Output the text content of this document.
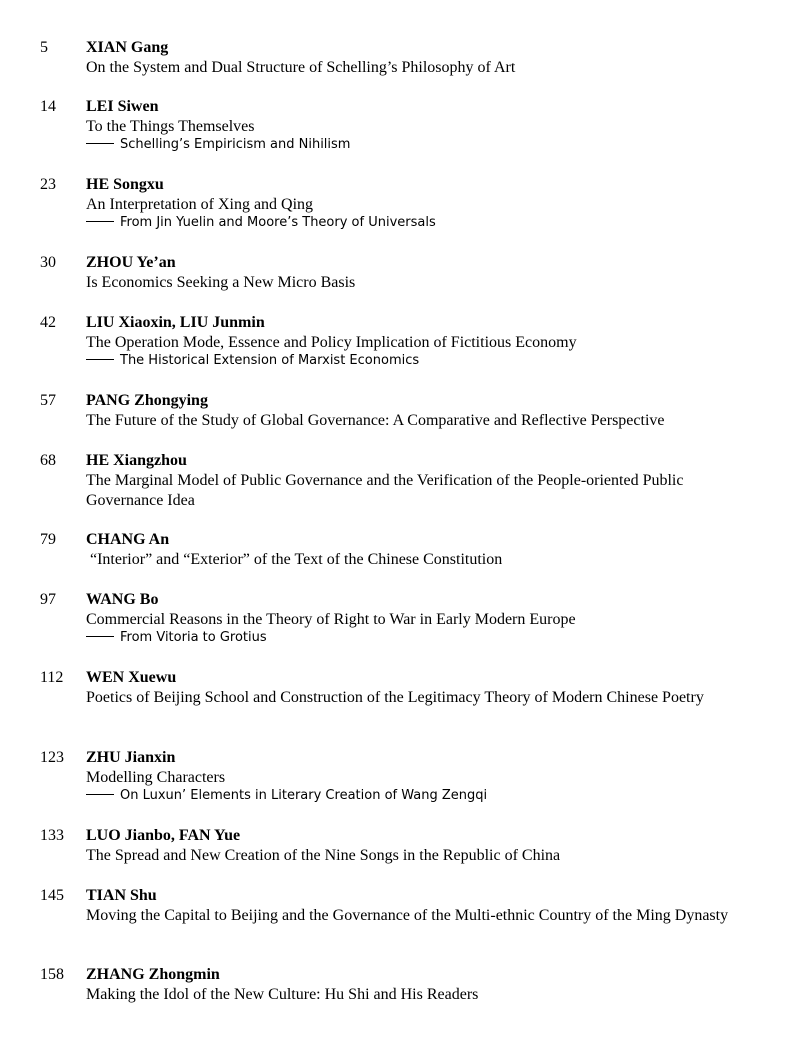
5 XIAN Gang
On the System and Dual Structure of Schelling’s Philosophy of Art
14 LEI Siwen
To the Things Themselves
Schelling’s Empiricism and Nihilism
23 HE Songxu
An Interpretation of Xing and Qing
From Jin Yuelin and Moore’s Theory of Universals
30 ZHOU Ye’an
Is Economics Seeking a New Micro Basis
42 LIU Xiaoxin, LIU Junmin
The Operation Mode, Essence and Policy Implication of Fictitious Economy
The Historical Extension of Marxist Economics
57 PANG Zhongying
The Future of the Study of Global Governance: A Comparative and Reflective Perspective
68 HE Xiangzhou
The Marginal Model of Public Governance and the Verification of the People-oriented Public Governance Idea
79 CHANG An
“Interior” and “Exterior” of the Text of the Chinese Constitution
97 WANG Bo
Commercial Reasons in the Theory of Right to War in Early Modern Europe
From Vitoria to Grotius
112 WEN Xuewu
Poetics of Beijing School and Construction of the Legitimacy Theory of Modern Chinese Poetry
123 ZHU Jianxin
Modelling Characters
On Luxun’ Elements in Literary Creation of Wang Zengqi
133 LUO Jianbo, FAN Yue
The Spread and New Creation of the Nine Songs in the Republic of China
145 TIAN Shu
Moving the Capital to Beijing and the Governance of the Multi-ethnic Country of the Ming Dynasty
158 ZHANG Zhongmin
Making the Idol of the New Culture: Hu Shi and His Readers
